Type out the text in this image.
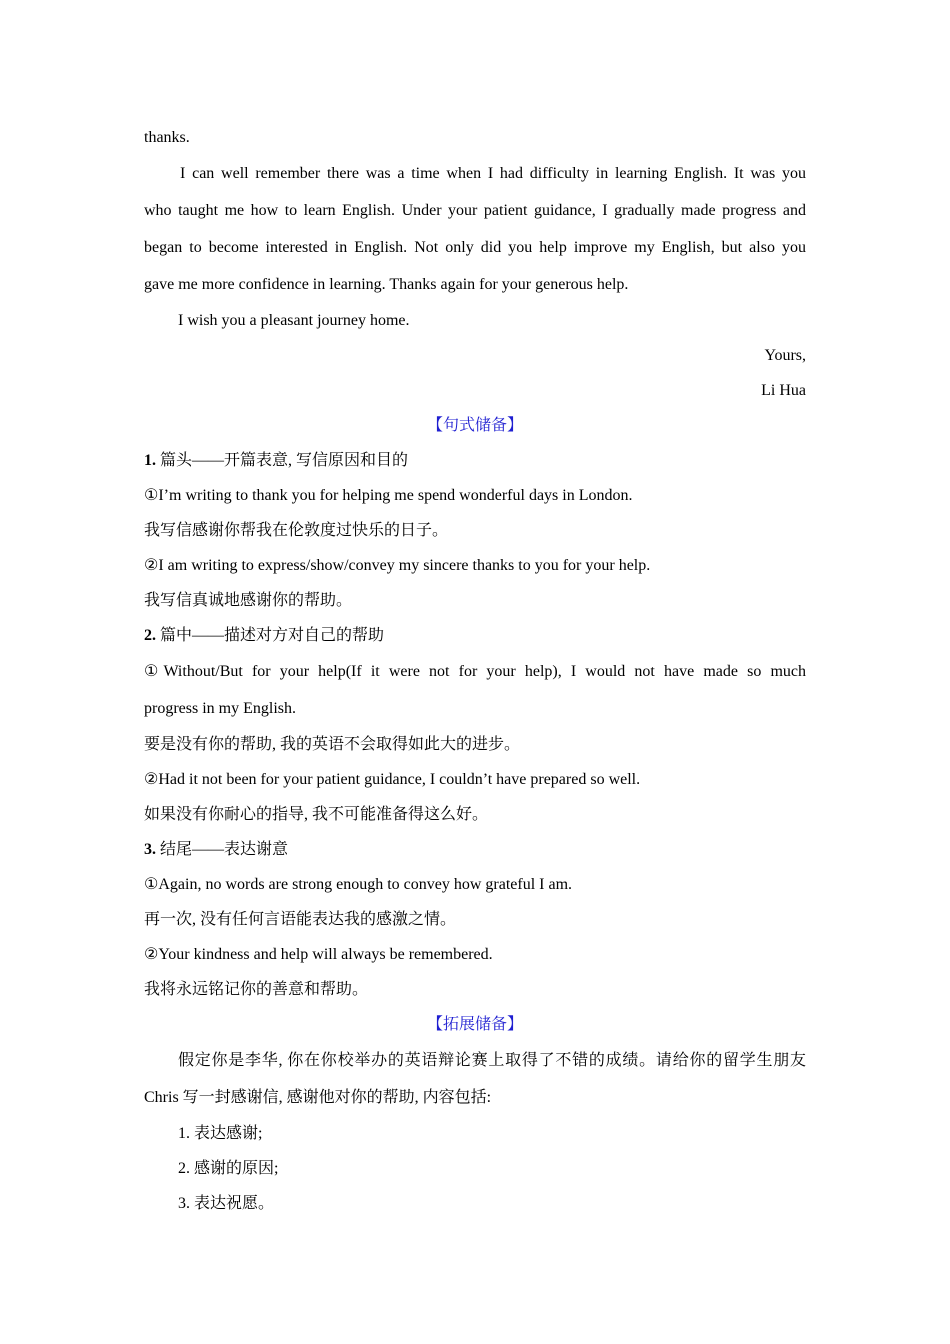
thanks.
I can well remember there was a time when I had difficulty in learning English. It was you
who taught me how to learn English. Under your patient guidance, I gradually made progress and
began to become interested in English. Not only did you help improve my English, but also you
gave me more confidence in learning. Thanks again for your generous help.
I wish you a pleasant journey home.
Yours,
Li Hua
【句式储备】
1. 篇头——开篇表意, 写信原因和目的
①I’m writing to thank you for helping me spend wonderful days in London.
我写信感谢你帮我在伦敦度过快乐的日子。
②I am writing to express/show/convey my sincere thanks to you for your help.
我写信真诚地感谢你的帮助。
2. 篇中——描述对方对自己的帮助
①Without/But for your help(If it were not for your help), I would not have made so much
progress in my English.
要是没有你的帮助, 我的英语不会取得如此大的进步。
②Had it not been for your patient guidance, I couldn’t have prepared so well.
如果没有你耐心的指导, 我不可能准备得这么好。
3. 结尾——表达谢意
①Again, no words are strong enough to convey how grateful I am.
再一次, 没有任何言语能表达我的感激之情。
②Your kindness and help will always be remembered.
我将永远铭记你的善意和帮助。
【拓展储备】
假定你是李华, 你在你校举办的英语辩论赛上取得了不错的成绩。请给你的留学生朋友
Chris 写一封感谢信, 感谢他对你的帮助, 内容包括:
1. 表达感谢;
2. 感谢的原因;
3. 表达祝愿。
